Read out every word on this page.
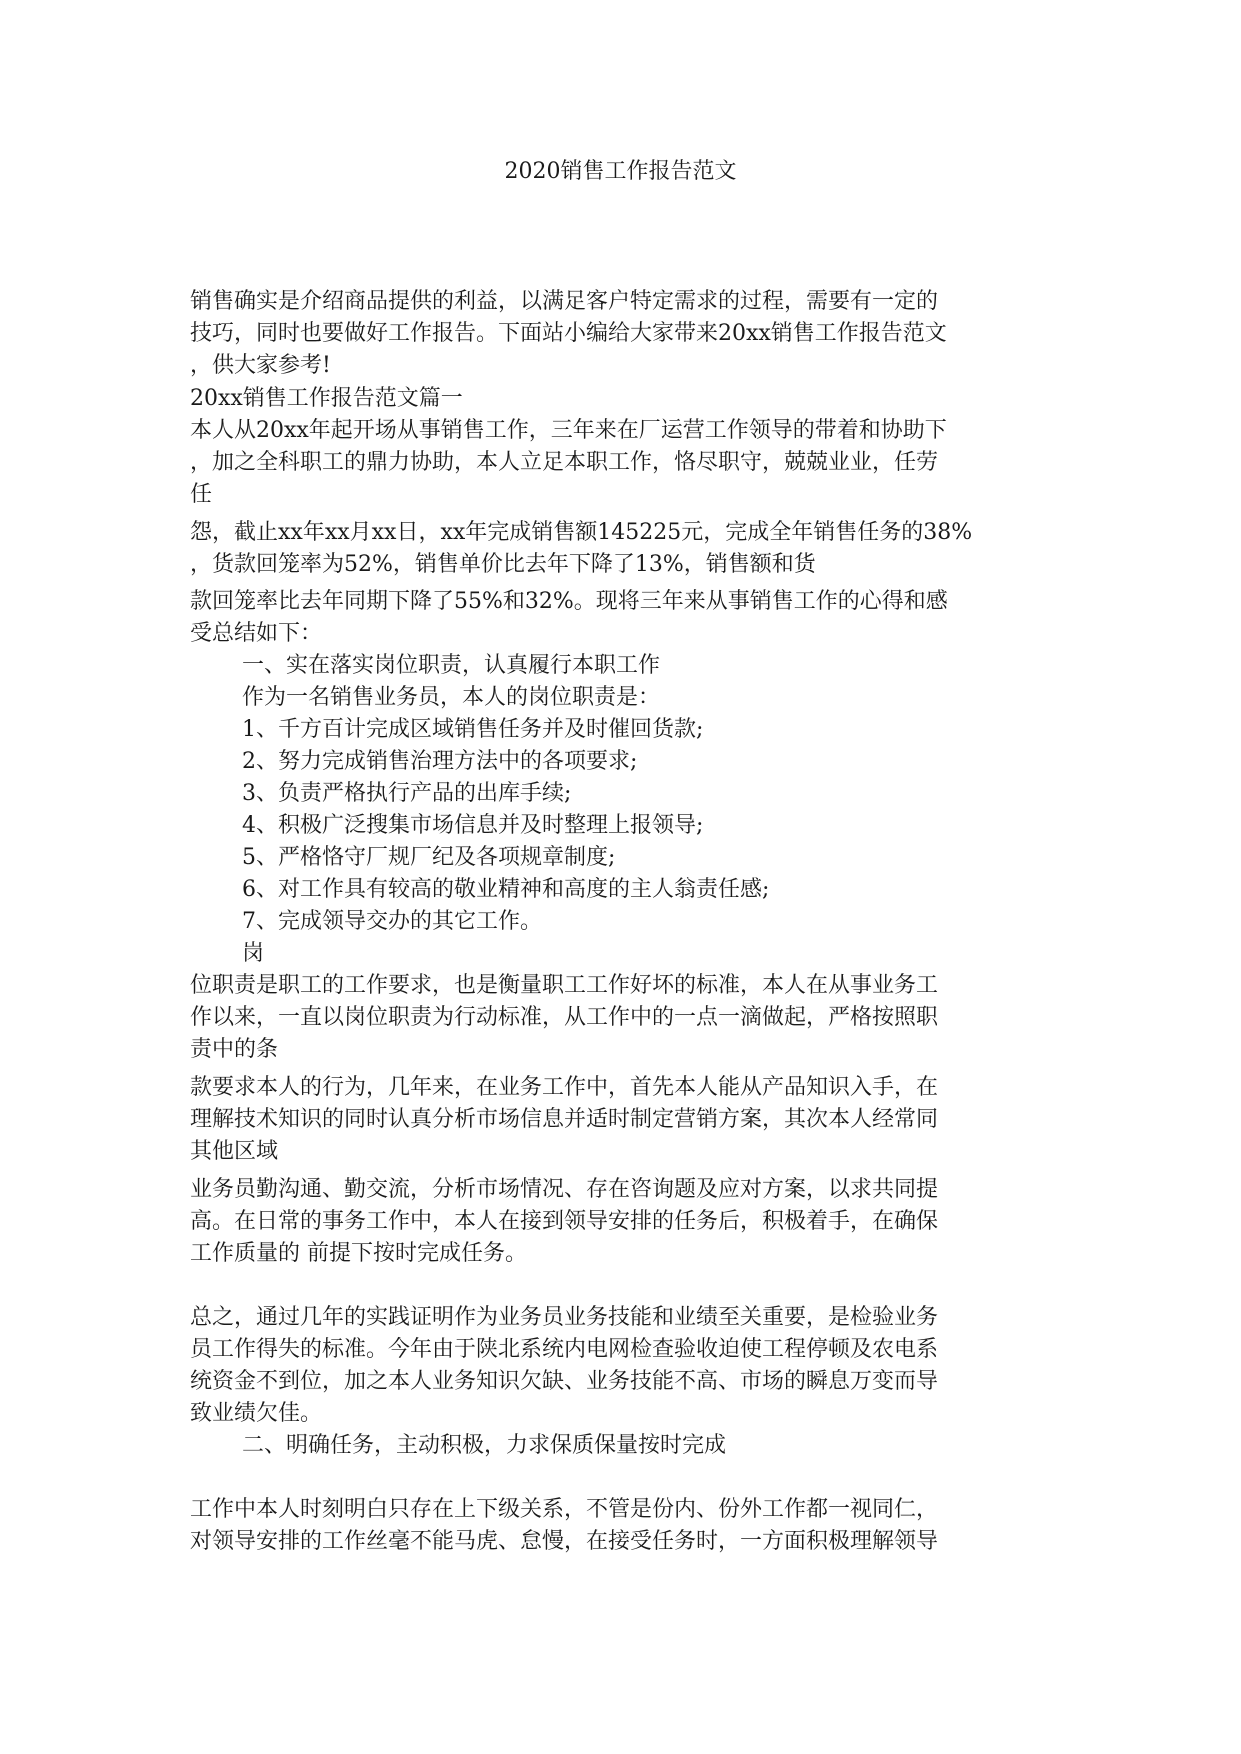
2020销售工作报告范文
销售确实是介绍商品提供的利益，以满足客户特定需求的过程，需要有一定的
技巧，同时也要做好工作报告。下面站小编给大家带来20xx销售工作报告范文
，供大家参考!
20xx销售工作报告范文篇一
本人从20xx年起开场从事销售工作，三年来在厂运营工作领导的带着和协助下
，加之全科职工的鼎力协助，本人立足本职工作，恪尽职守，兢兢业业，任劳
任
怨，截止xx年xx月xx日，xx年完成销售额145225元，完成全年销售任务的38%
，货款回笼率为52%，销售单价比去年下降了13%，销售额和货
款回笼率比去年同期下降了55%和32%。现将三年来从事销售工作的心得和感
受总结如下：
一、实在落实岗位职责，认真履行本职工作
作为一名销售业务员，本人的岗位职责是：
1、千方百计完成区域销售任务并及时催回货款;
2、努力完成销售治理方法中的各项要求;
3、负责严格执行产品的出库手续;
4、积极广泛搜集市场信息并及时整理上报领导;
5、严格恪守厂规厂纪及各项规章制度;
6、对工作具有较高的敬业精神和高度的主人翁责任感;
7、完成领导交办的其它工作。
岗
位职责是职工的工作要求，也是衡量职工工作好坏的标准，本人在从事业务工
作以来，一直以岗位职责为行动标准，从工作中的一点一滴做起，严格按照职
责中的条
款要求本人的行为，几年来，在业务工作中，首先本人能从产品知识入手，在
理解技术知识的同时认真分析市场信息并适时制定营销方案，其次本人经常同
其他区域
业务员勤沟通、勤交流，分析市场情况、存在咨询题及应对方案，以求共同提
高。在日常的事务工作中，本人在接到领导安排的任务后，积极着手，在确保
工作质量的 前提下按时完成任务。
总之，通过几年的实践证明作为业务员业务技能和业绩至关重要，是检验业务
员工作得失的标准。今年由于陕北系统内电网检查验收迫使工程停顿及农电系
统资金不到位，加之本人业务知识欠缺、业务技能不高、市场的瞬息万变而导
致业绩欠佳。
二、明确任务，主动积极，力求保质保量按时完成
工作中本人时刻明白只存在上下级关系，不管是份内、份外工作都一视同仁，
对领导安排的工作丝毫不能马虎、怠慢，在接受任务时，一方面积极理解领导
